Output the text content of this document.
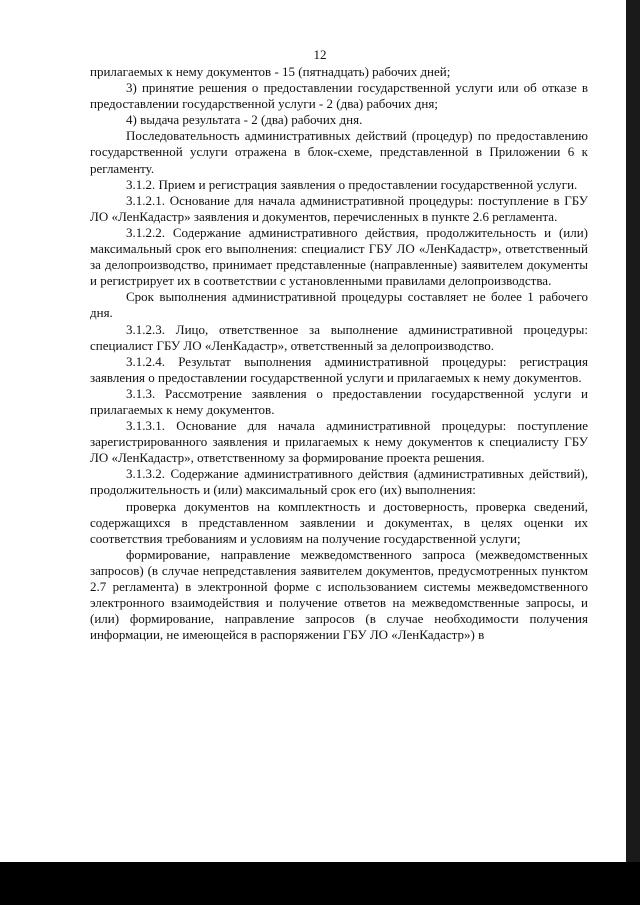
12

прилагаемых к нему документов - 15 (пятнадцать) рабочих дней;

3) принятие решения о предоставлении государственной услуги или об отказе в предоставлении государственной услуги - 2 (два) рабочих дня;

4) выдача результата - 2 (два) рабочих дня.

Последовательность административных действий (процедур) по предоставлению государственной услуги отражена в блок-схеме, представленной в Приложении 6 к регламенту.

3.1.2. Прием и регистрация заявления о предоставлении государственной услуги.

3.1.2.1. Основание для начала административной процедуры: поступление в ГБУ ЛО «ЛенКадастр» заявления и документов, перечисленных в пункте 2.6 регламента.

3.1.2.2. Содержание административного действия, продолжительность и (или) максимальный срок его выполнения: специалист ГБУ ЛО «ЛенКадастр», ответственный за делопроизводство, принимает представленные (направленные) заявителем документы и регистрирует их в соответствии с установленными правилами делопроизводства.

Срок выполнения административной процедуры составляет не более 1 рабочего дня.

3.1.2.3. Лицо, ответственное за выполнение административной процедуры: специалист ГБУ ЛО «ЛенКадастр», ответственный за делопроизводство.

3.1.2.4. Результат выполнения административной процедуры: регистрация заявления о предоставлении государственной услуги и прилагаемых к нему документов.

3.1.3. Рассмотрение заявления о предоставлении государственной услуги и прилагаемых к нему документов.

3.1.3.1. Основание для начала административной процедуры: поступление зарегистрированного заявления и прилагаемых к нему документов к специалисту ГБУ ЛО «ЛенКадастр», ответственному за формирование проекта решения.

3.1.3.2. Содержание административного действия (административных действий), продолжительность и (или) максимальный срок его (их) выполнения:

проверка документов на комплектность и достоверность, проверка сведений, содержащихся в представленном заявлении и документах, в целях оценки их соответствия требованиям и условиям на получение государственной услуги;

формирование, направление межведомственного запроса (межведомственных запросов) (в случае непредставления заявителем документов, предусмотренных пунктом 2.7 регламента) в электронной форме с использованием системы межведомственного электронного взаимодействия и получение ответов на межведомственные запросы, и (или) формирование, направление запросов (в случае необходимости получения информации, не имеющейся в распоряжении ГБУ ЛО «ЛенКадастр») в
